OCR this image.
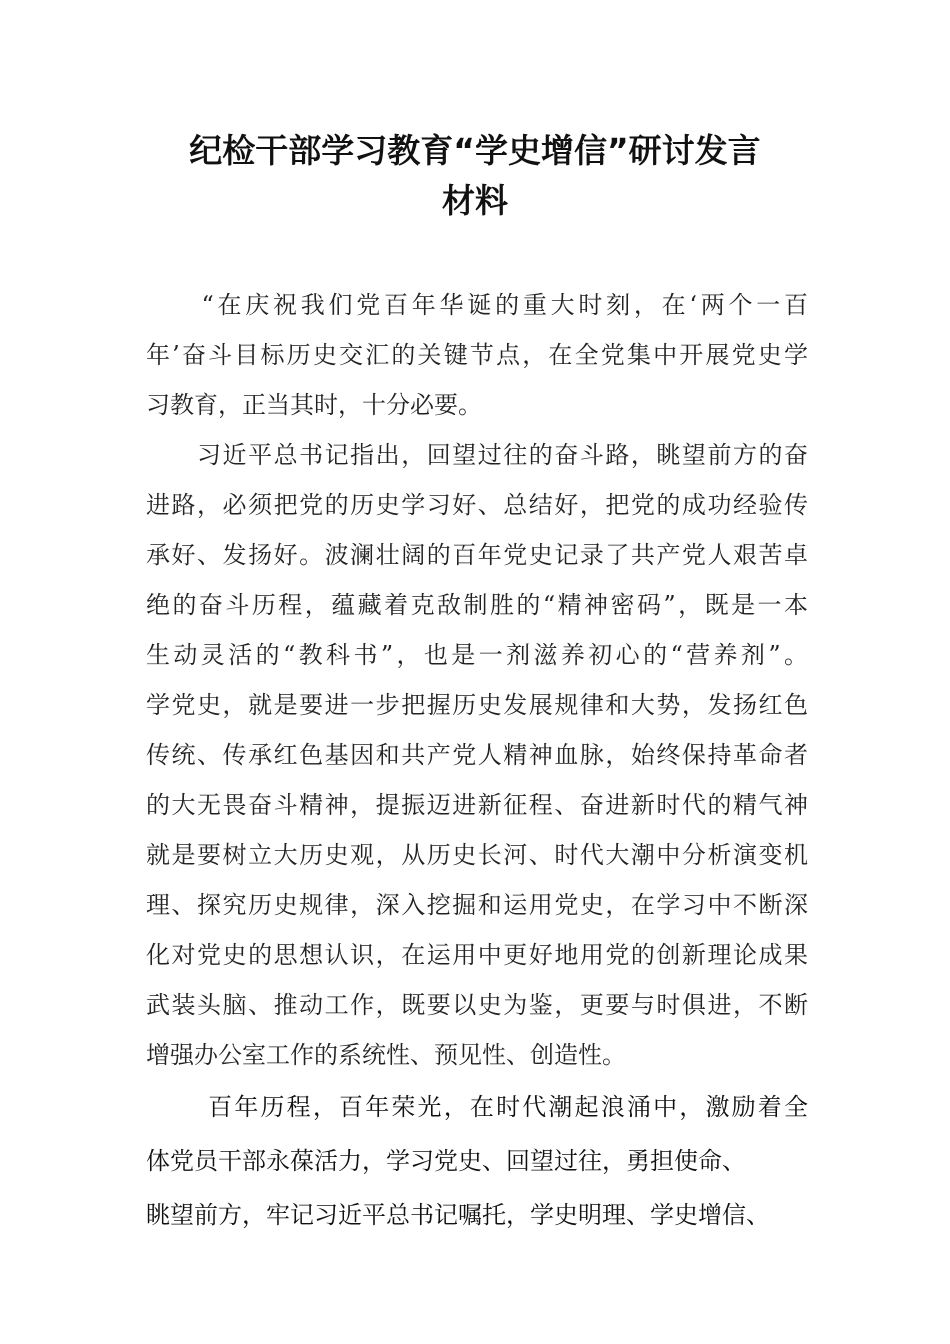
纪检干部学习教育“学史增信”研讨发言
材料
　　“在庆祝我们党百年华诞的重大时刻，在‘两个一百
年’奋斗目标历史交汇的关键节点，在全党集中开展党史学
习教育，正当其时，十分必要。
　　习近平总书记指出，回望过往的奋斗路，眺望前方的奋
进路，必须把党的历史学习好、总结好，把党的成功经验传
承好、发扬好。波澜壮阔的百年党史记录了共产党人艰苦卓
绝的奋斗历程，蕴藏着克敌制胜的“精神密码”，既是一本
生动灵活的“教科书”，也是一剂滋养初心的“营养剂”。
学党史，就是要进一步把握历史发展规律和大势，发扬红色
传统、传承红色基因和共产党人精神血脉，始终保持革命者
的大无畏奋斗精神，提振迈进新征程、奋进新时代的精气神
就是要树立大历史观，从历史长河、时代大潮中分析演变机
理、探究历史规律，深入挖掘和运用党史，在学习中不断深
化对党史的思想认识，在运用中更好地用党的创新理论成果
武装头脑、推动工作，既要以史为鉴，更要与时俱进，不断
增强办公室工作的系统性、预见性、创造性。
　　 百年历程，百年荣光，在时代潮起浪涌中，激励着全
体党员干部永葆活力，学习党史、回望过往，勇担使命、
眺望前方，牢记习近平总书记嘱托，学史明理、学史增信、
